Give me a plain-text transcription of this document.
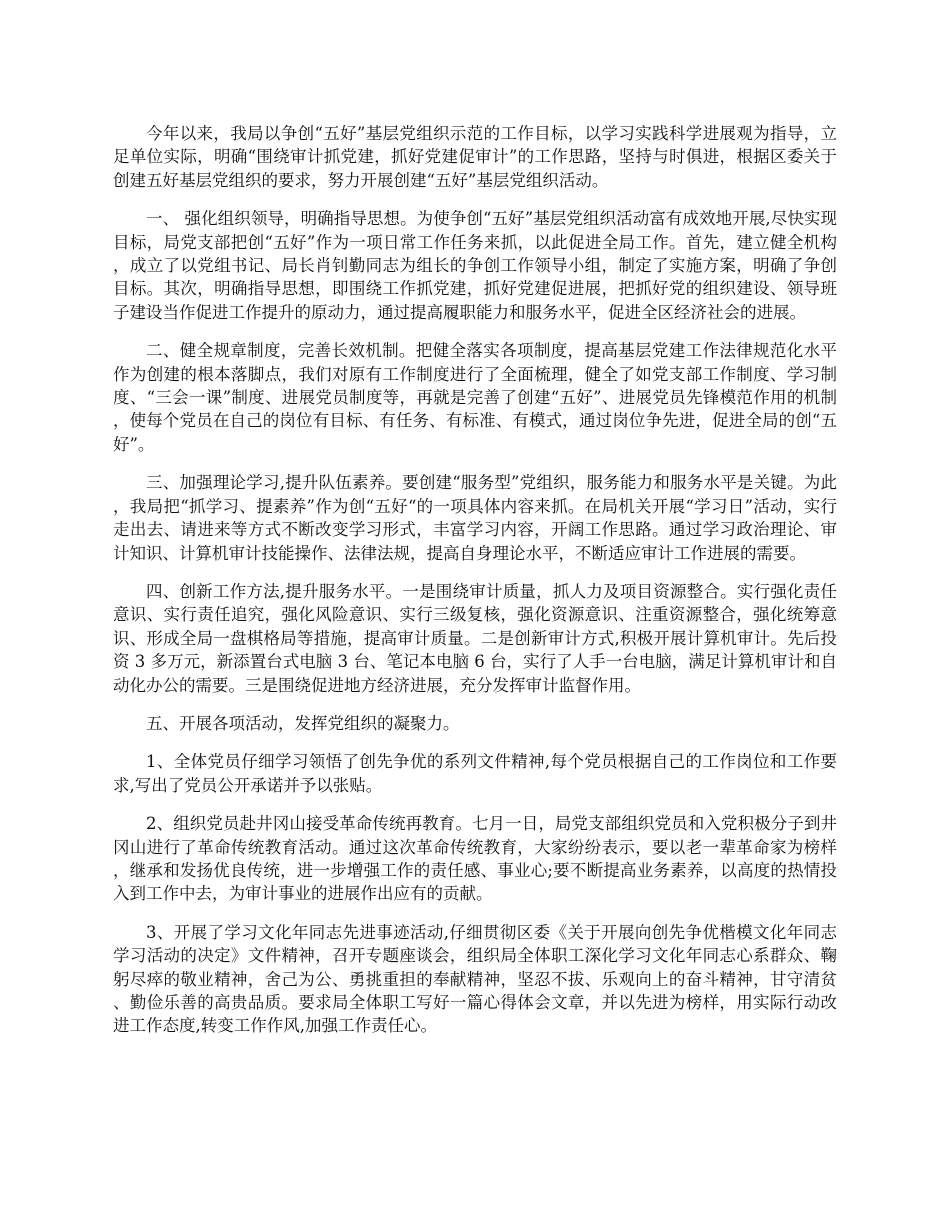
今年以来，我局以争创“五好”基层党组织示范的工作目标，以学习实践科学进展观为指导，立足单位实际，明确“围绕审计抓党建，抓好党建促审计”的工作思路，坚持与时俱进，根据区委关于创建五好基层党组织的要求，努力开展创建“五好”基层党组织活动。

一、 强化组织领导，明确指导思想。为使争创“五好”基层党组织活动富有成效地开展,尽快实现目标，局党支部把创“五好”作为一项日常工作任务来抓，以此促进全局工作。首先，建立健全机构，成立了以党组书记、局长肖钊勤同志为组长的争创工作领导小组，制定了实施方案，明确了争创目标。其次，明确指导思想，即围绕工作抓党建，抓好党建促进展，把抓好党的组织建设、领导班子建设当作促进工作提升的原动力，通过提高履职能力和服务水平，促进全区经济社会的进展。

二、健全规章制度，完善长效机制。把健全落实各项制度，提高基层党建工作法律规范化水平作为创建的根本落脚点，我们对原有工作制度进行了全面梳理，健全了如党支部工作制度、学习制度、“三会一课”制度、进展党员制度等，再就是完善了创建“五好”、进展党员先锋模范作用的机制，使每个党员在自己的岗位有目标、有任务、有标准、有模式，通过岗位争先进，促进全局的创“五好”。

三、加强理论学习,提升队伍素养。要创建“服务型”党组织，服务能力和服务水平是关键。为此，我局把“抓学习、提素养”作为创“五好“的一项具体内容来抓。在局机关开展“学习日”活动，实行走出去、请进来等方式不断改变学习形式，丰富学习内容，开阔工作思路。通过学习政治理论、审计知识、计算机审计技能操作、法律法规，提高自身理论水平，不断适应审计工作进展的需要。

四、创新工作方法,提升服务水平。一是围绕审计质量，抓人力及项目资源整合。实行强化责任意识、实行责任追究，强化风险意识、实行三级复核，强化资源意识、注重资源整合，强化统筹意识、形成全局一盘棋格局等措施，提高审计质量。二是创新审计方式,积极开展计算机审计。先后投资 3 多万元，新添置台式电脑 3 台、笔记本电脑 6 台，实行了人手一台电脑，满足计算机审计和自动化办公的需要。三是围绕促进地方经济进展，充分发挥审计监督作用。

五、开展各项活动，发挥党组织的凝聚力。

1、全体党员仔细学习领悟了创先争优的系列文件精神,每个党员根据自己的工作岗位和工作要求,写出了党员公开承诺并予以张贴。

2、组织党员赴井冈山接受革命传统再教育。七月一日，局党支部组织党员和入党积极分子到井冈山进行了革命传统教育活动。通过这次革命传统教育，大家纷纷表示，要以老一辈革命家为榜样，继承和发扬优良传统，进一步增强工作的责任感、事业心;要不断提高业务素养，以高度的热情投入到工作中去，为审计事业的进展作出应有的贡献。

3、开展了学习文化年同志先进事迹活动,仔细贯彻区委《关于开展向创先争优楷模文化年同志学习活动的决定》文件精神，召开专题座谈会，组织局全体职工深化学习文化年同志心系群众、鞠躬尽瘁的敬业精神，舍己为公、勇挑重担的奉献精神，坚忍不拔、乐观向上的奋斗精神，甘守清贫、勤俭乐善的高贵品质。要求局全体职工写好一篇心得体会文章，并以先进为榜样，用实际行动改进工作态度,转变工作作风,加强工作责任心。
